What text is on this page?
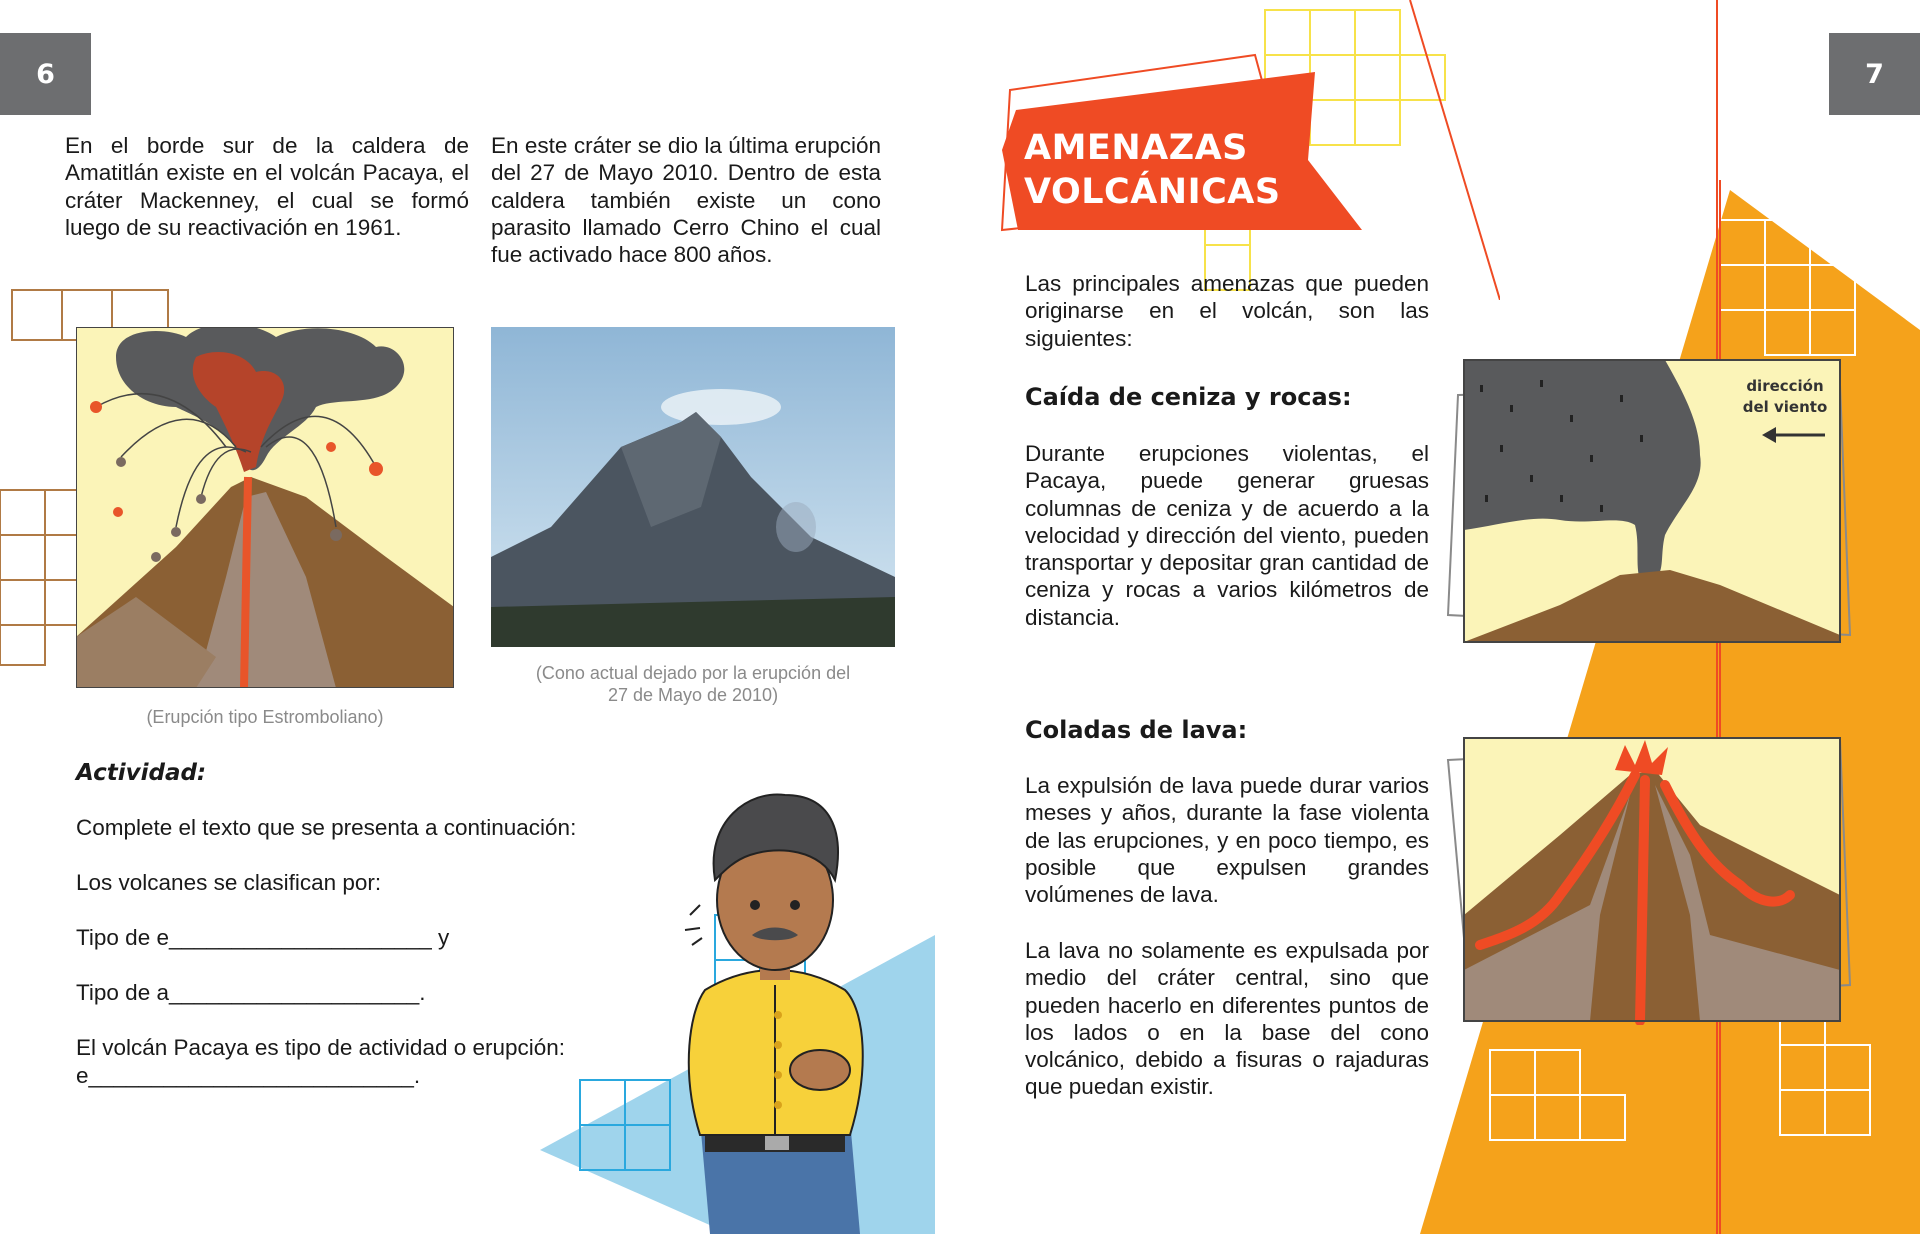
6	7
En el borde sur de la caldera de Amatitlán existe en el volcán Pacaya, el cráter Mackenney, el cual se formó luego de su reactivación en 1961.
En este cráter se dio la última erupción del 27 de Mayo 2010. Dentro de esta caldera también existe un cono parasito llamado Cerro Chino el cual fue activado hace 800 años.
(Erupción tipo Estromboliano)
(Cono actual dejado por la erupción del
27 de Mayo de 2010)
Actividad:
Complete el texto que se presenta a continuación:
Los volcanes se clasifican por:
Tipo de e_____________________ y
Tipo de a____________________.
El volcán Pacaya es tipo de actividad o erupción:
e__________________________.
AMENAZAS
VOLCÁNICAS
Las principales amenazas que pueden originarse en el volcán, son las siguientes:
Caída de ceniza y rocas:
Durante erupciones violentas, el Pacaya, puede generar gruesas columnas de ceniza y de acuerdo a la velocidad y dirección del viento, pueden transportar y depositar gran cantidad de ceniza y rocas a varios kilómetros de distancia.
dirección
del viento
Coladas de lava:
La expulsión de lava puede durar varios meses y años, durante la fase violenta de las erupciones, y en poco tiempo, es posible que expulsen grandes volúmenes de lava.
La lava no solamente es expulsada por medio del cráter central, sino que pueden hacerlo en diferentes puntos de los lados o en la base del cono volcánico, debido a fisuras o rajaduras que puedan existir.
